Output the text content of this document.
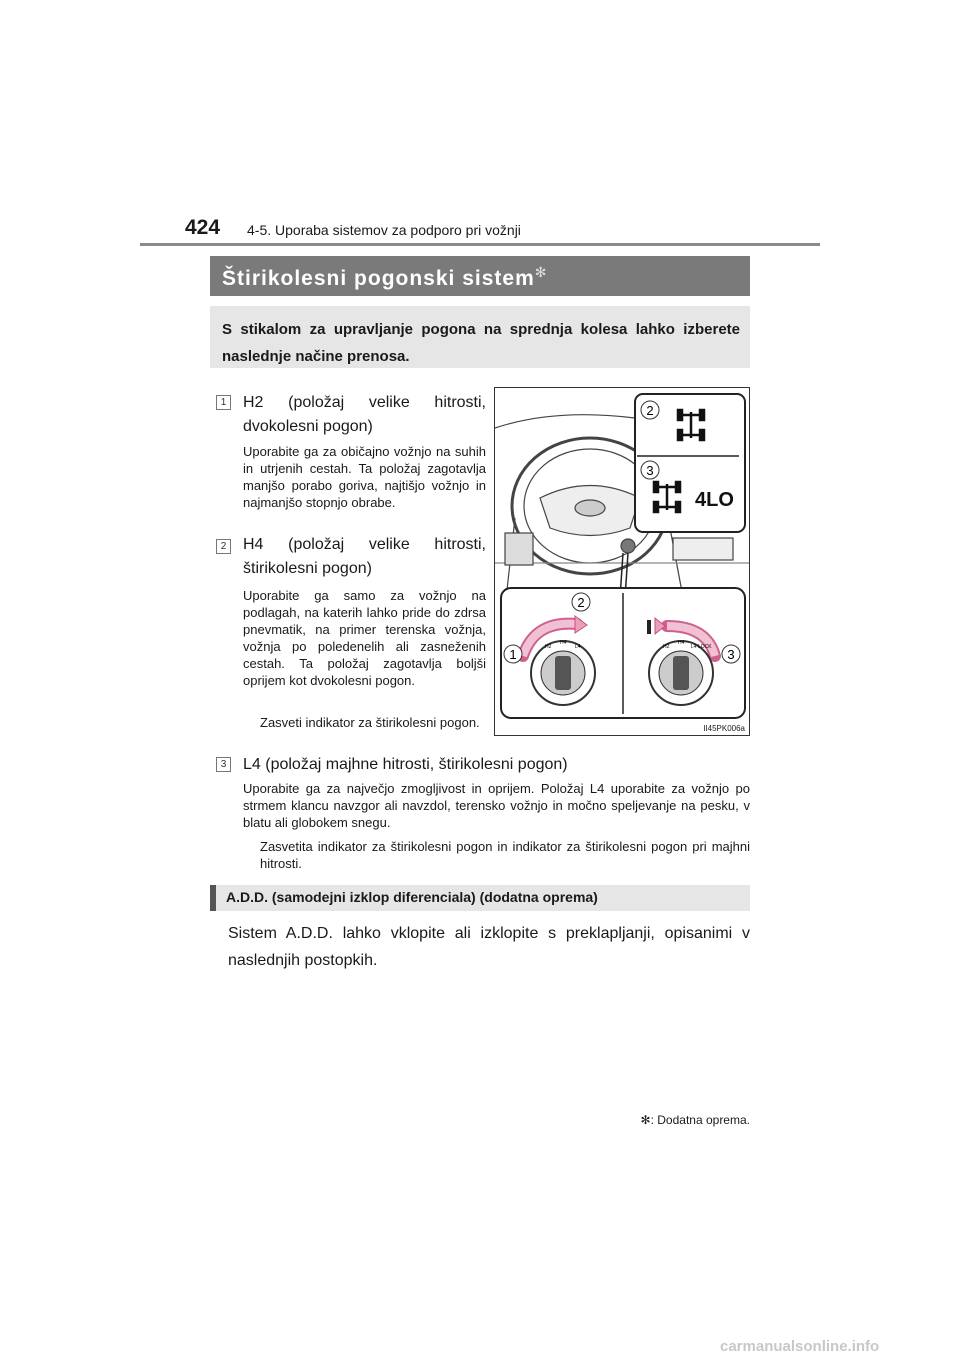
424 4-5. Uporaba sistemov za podporo pri vožnji
Štirikolesni pogonski sistem✻
S stikalom za upravljanje pogona na sprednja kolesa lahko izberete naslednje načine prenosa.
1 H2 (položaj velike hitrosti, dvokolesni pogon)
Uporabite ga za običajno vožnjo na suhih in utrjenih cestah. Ta položaj zagotavlja manjšo porabo goriva, najtišjo vožnjo in najmanjšo stopnjo obrabe.
2 H4 (položaj velike hitrosti, štirikolesni pogon)
Uporabite ga samo za vožnjo na podlagah, na katerih lahko pride do zdrsa pnevmatik, na primer terenska vožnja, vožnja po poledenelih ali zasneženih cestah. Ta položaj zagotavlja boljši oprijem kot dvokolesni pogon.
Zasveti indikator za štirikolesni pogon.
3 L4 (položaj majhne hitrosti, štirikolesni pogon)
Uporabite ga za največjo zmogljivost in oprijem. Položaj L4 uporabite za vožnjo po strmem klancu navzgor ali navzdol, terensko vožnjo in močno speljevanje na pesku, v blatu ali globokem snegu.
Zasvetita indikator za štirikolesni pogon in indikator za štirikolesni pogon pri majhni hitrosti.
4LO
2
3
H2
H4
L4	H2
H4
L4 LOCK
1
2
3
II45PK006a
A.D.D. (samodejni izklop diferenciala) (dodatna oprema)
Sistem A.D.D. lahko vklopite ali izklopite s preklapljanji, opisanimi v naslednjih postopkih.
✻: Dodatna oprema.
carmanualsonline.info
